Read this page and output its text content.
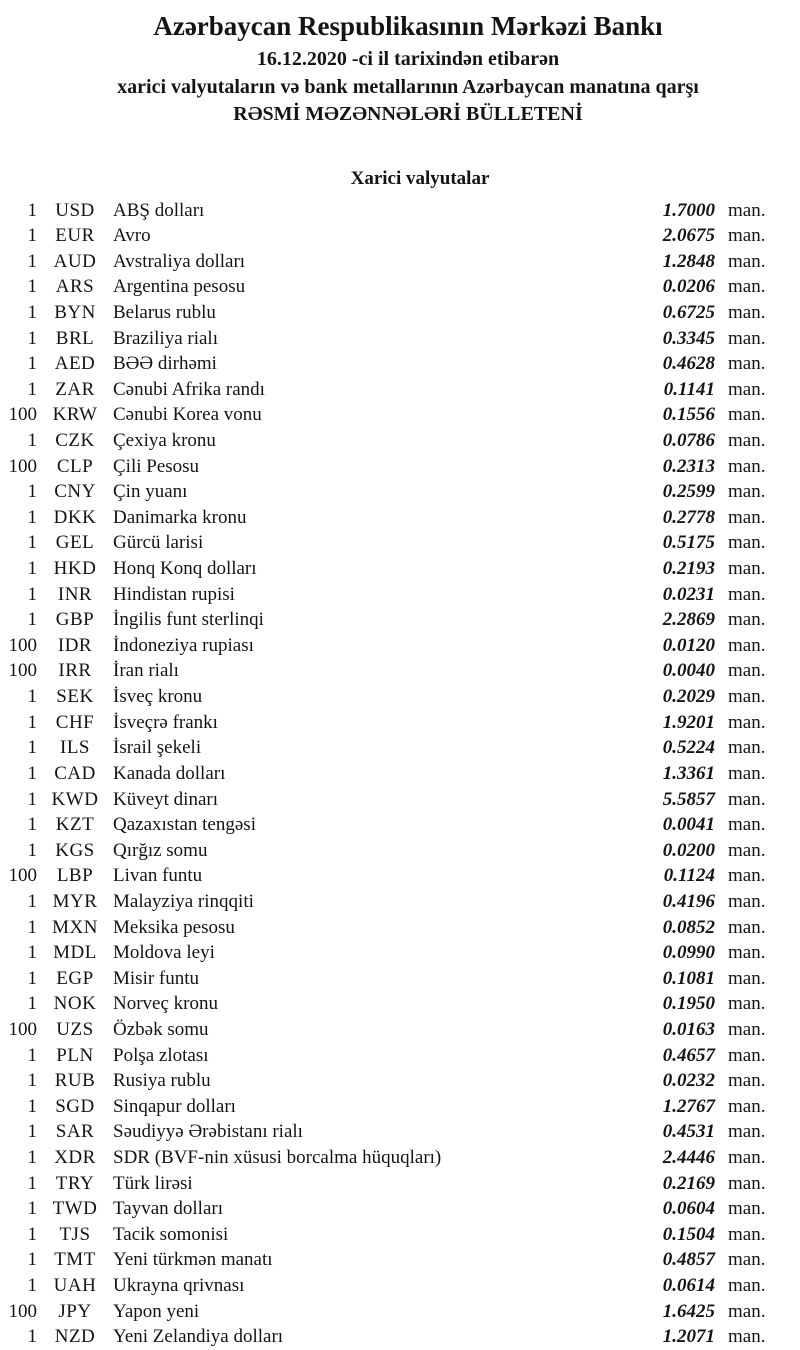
Azərbaycan Respublikasının Mərkəzi Bankı
16.12.2020 -ci il tarixindən etibarən
xarici valyutaların və bank metallarının Azərbaycan manatına qarşı
RƏSMİ MƏZƏNNƏLƏRİ BÜLLETENİ
Xarici valyutalar
1 USD ABŞ dolları	1.7000 man.
1 EUR Avro	2.0675 man.
1 AUD Avstraliya dolları	1.2848 man.
1 ARS Argentina pesosu	0.0206 man.
1 BYN Belarus rublu	0.6725 man.
1 BRL Braziliya rialı	0.3345 man.
1 AED BƏƏ dirhəmi	0.4628 man.
1 ZAR Cənubi Afrika randı	0.1141 man.
100 KRW Cənubi Korea vonu	0.1556 man.
1 CZK Çexiya kronu	0.0786 man.
100	CLP	Çili Pesosu	0.2313 man.
1 CNY Çin yuanı	0.2599 man.
1 DKK Danimarka kronu	0.2778 man.
1 GEL Gürcü larisi	0.5175 man.
1 HKD Honq Konq dolları	0.2193 man.
1	INR	Hindistan rupisi	0.0231 man.
1 GBP İngilis funt sterlinqi	2.2869 man.
100	IDR	İndoneziya rupiası	0.0120 man.
100	IRR	İran rialı	0.0040 man.
1	SEK	İsveç kronu	0.2029 man.
1 CHF İsveçrə frankı	1.9201 man.
1	ILS	İsrail şekeli	0.5224 man.
1 CAD Kanada dolları	1.3361 man.
1 KWD Küveyt dinarı	5.5857 man.
1 KZT Qazaxıstan tengəsi	0.0041 man.
1 KGS Qırğız somu	0.0200 man.
100	LBP	Livan funtu	0.1124 man.
1 MYR Malayziya rinqqiti	0.4196 man.
1 MXN Meksika pesosu	0.0852 man.
1 MDL Moldova leyi	0.0990 man.
1	EGP	Misir funtu	0.1081 man.
1 NOK Norveç kronu	0.1950 man.
100	UZS	Özbək somu	0.0163 man.
1	PLN	Polşa zlotası	0.4657 man.
1 RUB Rusiya rublu	0.0232 man.
1 SGD Sinqapur dolları	1.2767 man.
1 SAR Səudiyyə Ərəbistanı rialı	0.4531 man.
1 XDR SDR (BVF-nin xüsusi borcalma hüquqları)	2.4446 man.
1 TRY Türk lirəsi	0.2169 man.
1 TWD Tayvan dolları	0.0604 man.
1	TJS	Tacik somonisi	0.1504 man.
1 TMT Yeni türkmən manatı	0.4857 man.
1 UAH Ukrayna qrivnası	0.0614 man.
100	JPY	Yapon yeni	1.6425 man.
1 NZD Yeni Zelandiya dolları	1.2071 man.
